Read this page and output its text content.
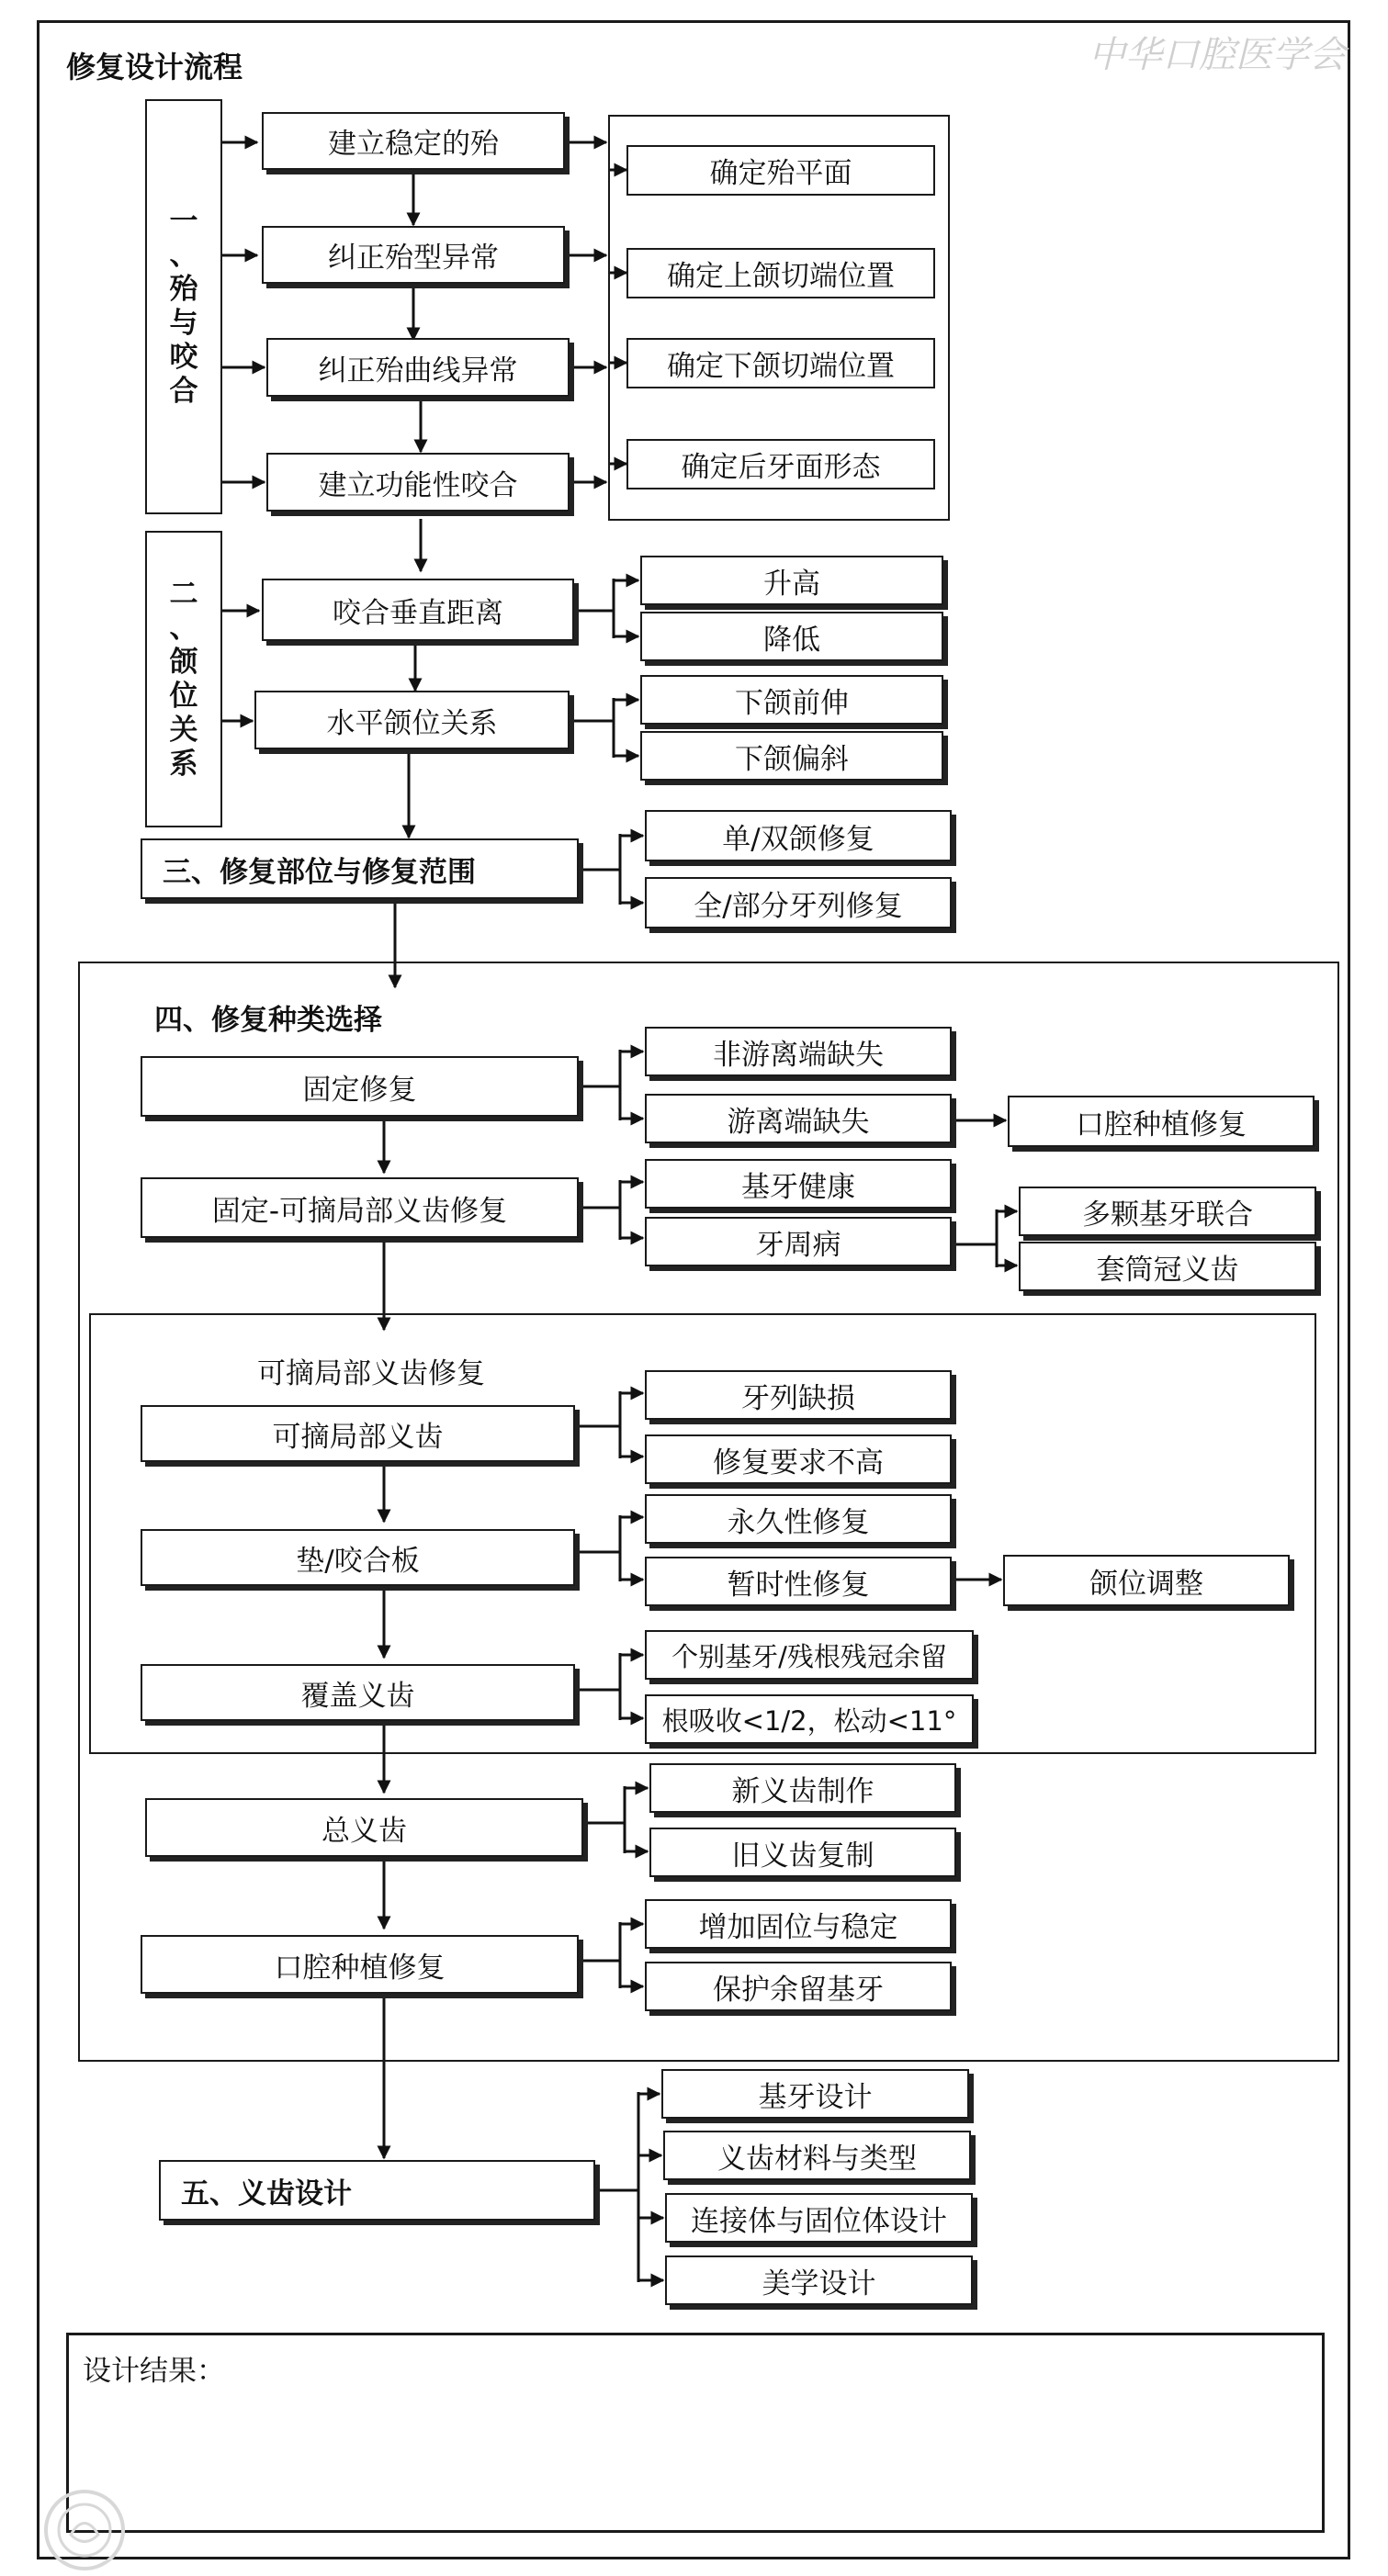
中华口腔医学会
修复设计流程
一
、
殆
与
咬
合
建立稳定的殆
纠正殆型异常
纠正殆曲线异常
建立功能性咬合
确定殆平面
确定上颌切端位置
确定下颌切端位置
确定后牙面形态
二
、
颌
位
关
系
咬合垂直距离
水平颌位关系
升高
降低
下颌前伸
下颌偏斜
三、修复部位与修复范围
单/双颌修复
全/部分牙列修复
四、修复种类选择
固定修复
非游离端缺失
游离端缺失	口腔种植修复
固定-可摘局部义齿修复
基牙健康
牙周病
多颗基牙联合
套筒冠义齿
可摘局部义齿修复
可摘局部义齿
牙列缺损
修复要求不高
垫/咬合板
永久性修复
暂时性修复	颌位调整
覆盖义齿
个别基牙/残根残冠余留
根吸收<1/2，松动<11°
总义齿
新义齿制作
旧义齿复制
口腔种植修复
增加固位与稳定
保护余留基牙
五、义齿设计
基牙设计
义齿材料与类型
连接体与固位体设计
美学设计
设计结果：
